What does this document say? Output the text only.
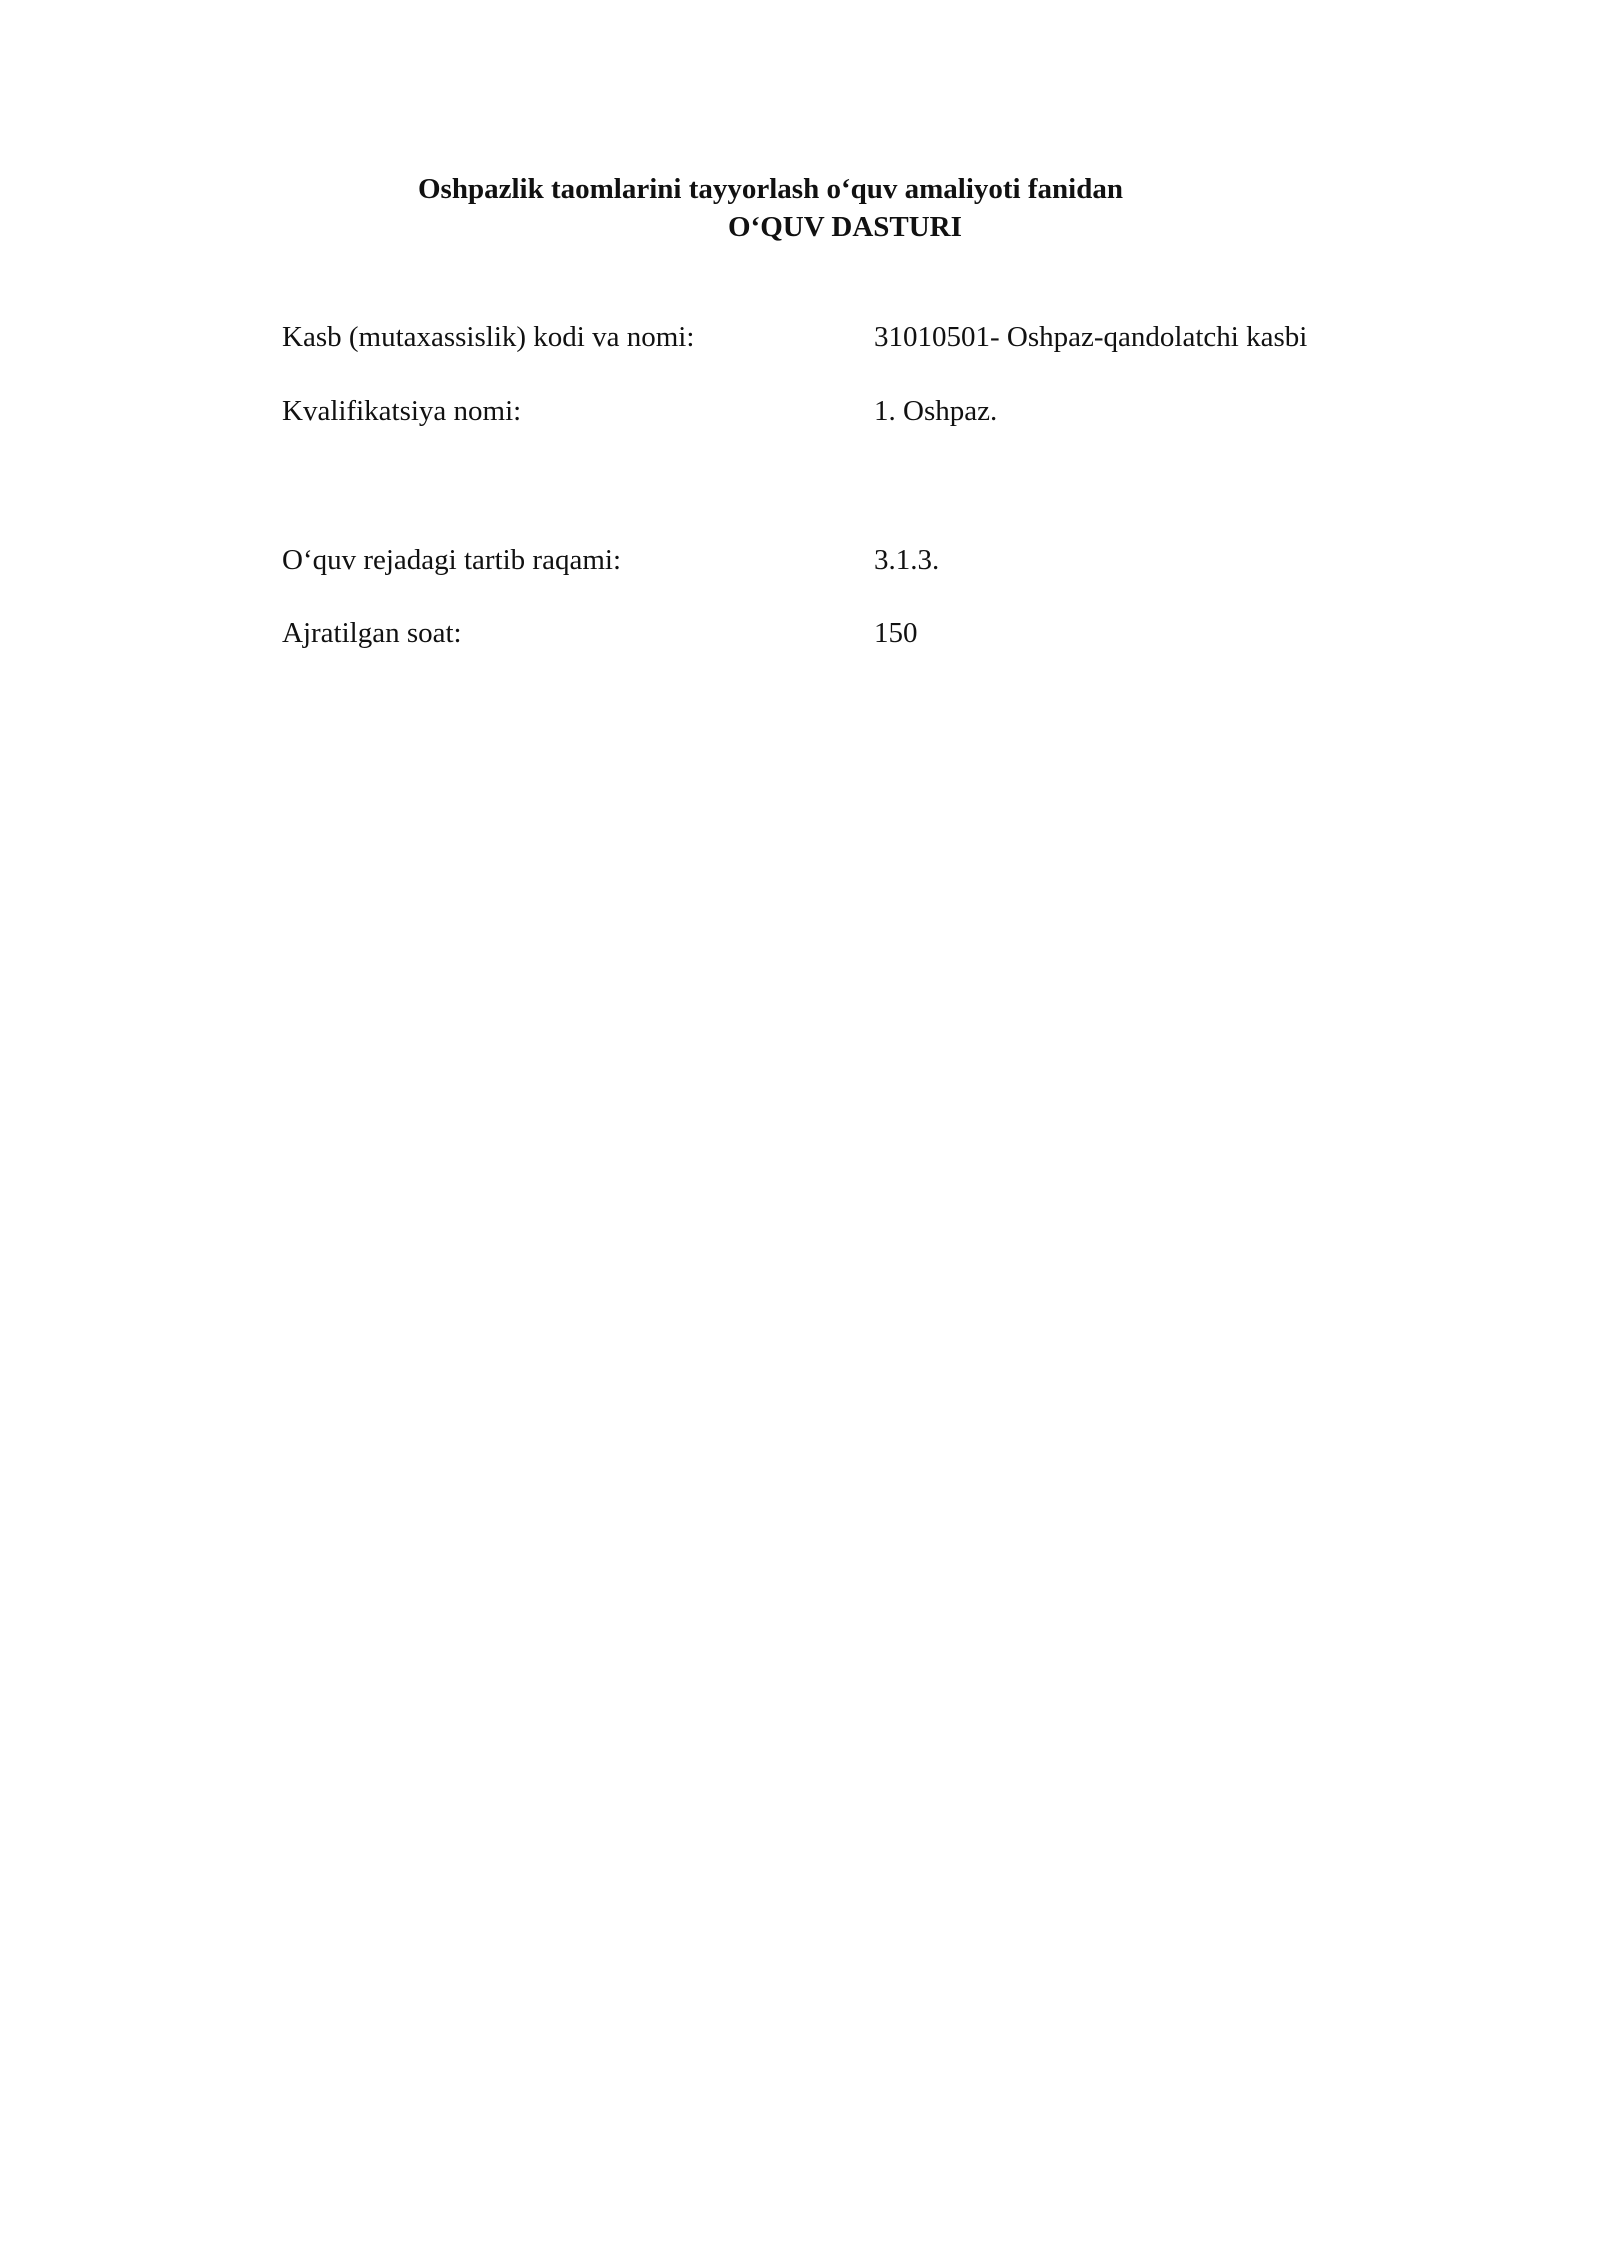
Oshpazlik taomlarini tayyorlash o‘quv amaliyoti fanidan
O‘QUV DASTURI
Kasb (mutaxassislik) kodi va nomi:	31010501- Oshpaz-qandolatchi kasbi
Kvalifikatsiya nomi:	1. Oshpaz.
O‘quv rejadagi tartib raqami:	3.1.3.
Ajratilgan soat:	150
